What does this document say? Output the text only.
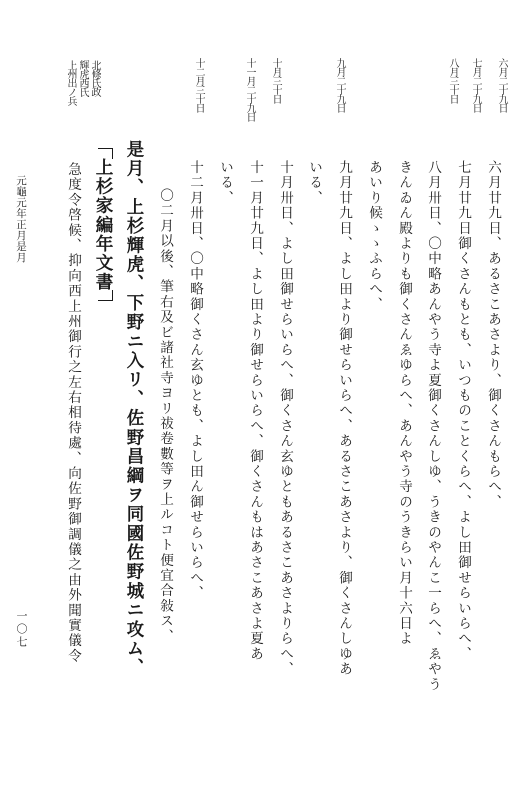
六月二十九日
七月二十九日
八月三十日
九月二十九日
十月三十日
十一月二十九日
十二月三十日
北條氏政
輝虎西氏
上州出ノ兵
六月廿九日、あるさこあさより、御くさんもらへ、
七月廿九日御くさんもとも、いつものことくらへ、よし田御せらいらへ、
八月卅日、〇中略あんやう寺よ夏御くさんしゆ、うきのやんこ一らへ、ゑやう
きんゐん殿よりも御くさんゑゆらへ、あんやう寺のうきらい月十六日よ
あいり候ゝゝふらへ、
九月廿九日、よし田より御せらいらへ、あるさこあさより、御くさんしゆあ
いる、
十月卅日、よし田御せらいらへ、御くさん玄ゆともあるさこあさよりらへ、
十一月廿九日、よし田より御せらいらへ、御くさんもはあさこあさよ夏あ
いる、
十二月卅日、〇中略御くさん玄ゆとも、よし田ん御せらいらへ、
〇二月以後、筆右及ビ諸社寺ヨリ祓卷數等ヲ上ルコト便宜合敍ス、
是月、上杉輝虎、下野ニ入リ、佐野昌綱ヲ同國佐野城ニ攻ム、
上杉家編年文書
急度令啓候、抑向西上州御行之左右相待處、向佐野御調儀之由外聞實儀令
元龜元年正月是月
一〇七
